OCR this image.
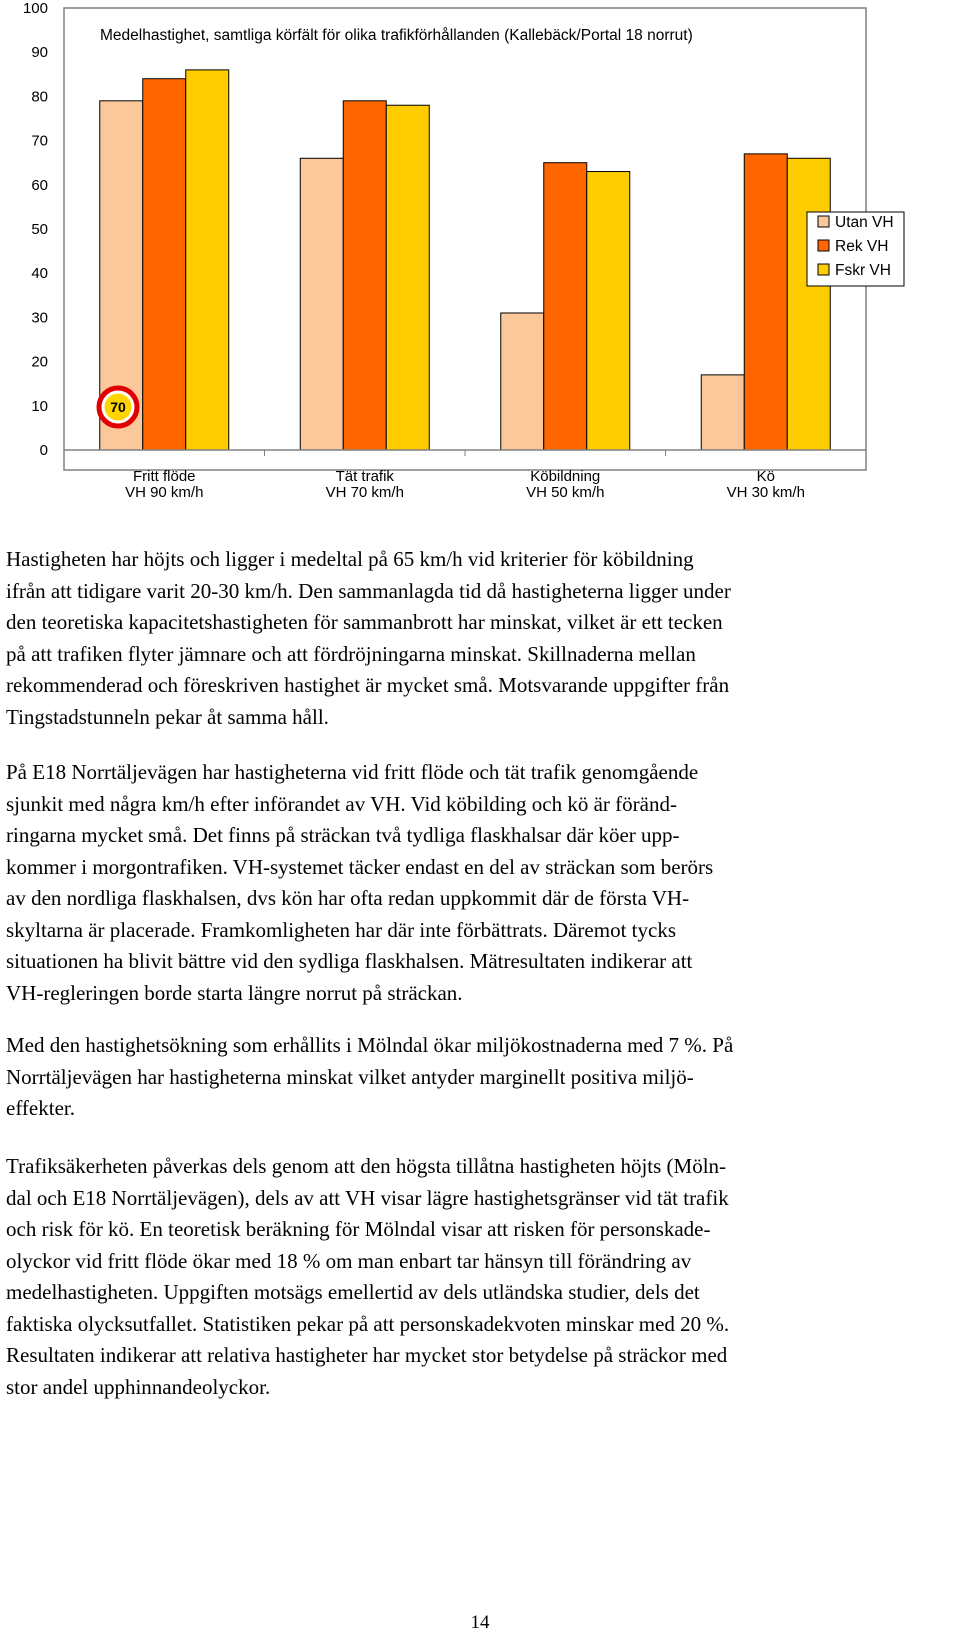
Medelhastighet, samtliga körfält för olika trafikförhållanden (Kallebäck/Portal 18 norrut)
0
10
20
30
40
50
60
70
80
90
100
Fritt flöde
VH 90 km/h
Tät trafik
VH 70 km/h
Köbildning
VH 50 km/h
Kö
VH 30 km/h
Utan VH
Rek VH
Fskr VH
70

Hastigheten har höjts och ligger i medeltal på 65 km/h vid kriterier för köbildning

ifrån att tidigare varit 20-30 km/h. Den sammanlagda tid då hastigheterna ligger under

den teoretiska kapacitetshastigheten för sammanbrott har minskat, vilket är ett tecken

på att trafiken flyter jämnare och att fördröjningarna minskat. Skillnaderna mellan

rekommenderad och föreskriven hastighet är mycket små. Motsvarande uppgifter från

Tingstadstunneln pekar åt samma håll.

På E18 Norrtäljevägen har hastigheterna vid fritt flöde och tät trafik genomgående

sjunkit med några km/h efter införandet av VH. Vid köbilding och kö är föränd-

ringarna mycket små. Det finns på sträckan två tydliga flaskhalsar där köer upp-

kommer i morgontrafiken. VH-systemet täcker endast en del av sträckan som berörs

av den nordliga flaskhalsen, dvs kön har ofta redan uppkommit där de första VH-

skyltarna är placerade. Framkomligheten har där inte förbättrats. Däremot tycks

situationen ha blivit bättre vid den sydliga flaskhalsen. Mätresultaten indikerar att

VH-regleringen borde starta längre norrut på sträckan.

Med den hastighetsökning som erhållits i Mölndal ökar miljökostnaderna med 7 %. På

Norrtäljevägen har hastigheterna minskat vilket antyder marginellt positiva miljö-

effekter.

Trafiksäkerheten påverkas dels genom att den högsta tillåtna hastigheten höjts (Möln-

dal och E18 Norrtäljevägen), dels av att VH visar lägre hastighetsgränser vid tät trafik

och risk för kö. En teoretisk beräkning för Mölndal visar att risken för personskade-

olyckor vid fritt flöde ökar med 18 % om man enbart tar hänsyn till förändring av

medelhastigheten. Uppgiften motsägs emellertid av dels utländska studier, dels det

faktiska olycksutfallet. Statistiken pekar på att personskadekvoten minskar med 20 %.

Resultaten indikerar att relativa hastigheter har mycket stor betydelse på sträckor med

stor andel upphinnandeolyckor.

14
